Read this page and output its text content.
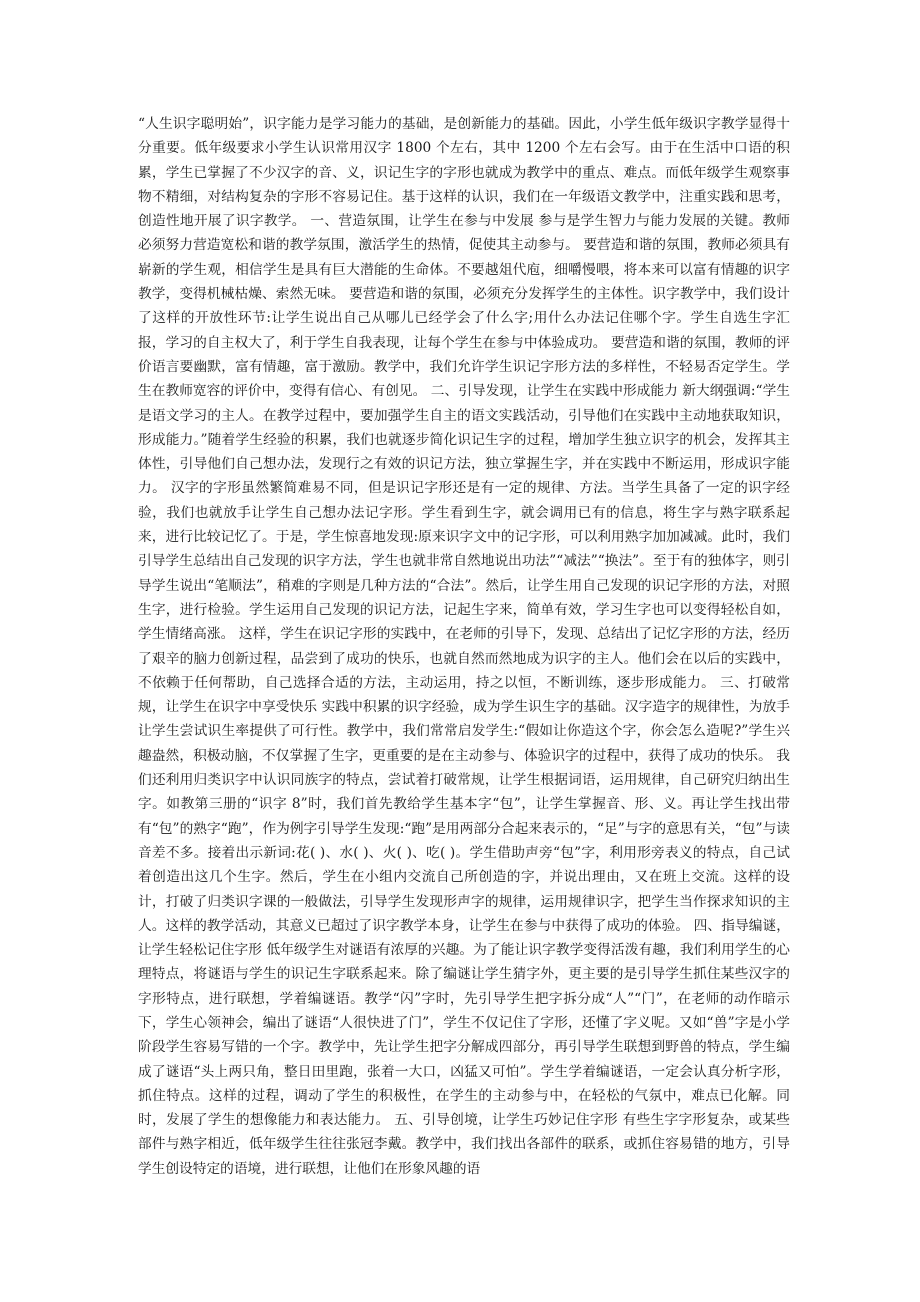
“人生识字聪明始”，识字能力是学习能力的基础，是创新能力的基础。因此，小学生低年级识字教学显得十分重要。低年级要求小学生认识常用汉字 1800 个左右，其中 1200 个左右会写。由于在生活中口语的积累，学生已掌握了不少汉字的音、义，识记生字的字形也就成为教学中的重点、难点。而低年级学生观察事物不精细，对结构复杂的字形不容易记住。基于这样的认识，我们在一年级语文教学中，注重实践和思考，创造性地开展了识字教学。 一、营造氛围，让学生在参与中发展 参与是学生智力与能力发展的关键。教师必须努力营造宽松和谐的教学氛围，激活学生的热情，促使其主动参与。 要营造和谐的氛围，教师必须具有崭新的学生观，相信学生是具有巨大潜能的生命体。不要越俎代庖，细嚼慢喂，将本来可以富有情趣的识字教学，变得机械枯燥、索然无味。 要营造和谐的氛围，必须充分发挥学生的主体性。识字教学中，我们设计了这样的开放性环节:让学生说出自己从哪儿已经学会了什么字;用什么办法记住哪个字。学生自选生字汇报，学习的自主权大了，利于学生自我表现，让每个学生在参与中体验成功。 要营造和谐的氛围，教师的评价语言要幽默，富有情趣，富于激励。教学中，我们允许学生识记字形方法的多样性，不轻易否定学生。学生在教师宽容的评价中，变得有信心、有创见。 二、引导发现，让学生在实践中形成能力 新大纲强调:“学生是语文学习的主人。在教学过程中，要加强学生自主的语文实践活动，引导他们在实践中主动地获取知识，形成能力。”随着学生经验的积累，我们也就逐步简化识记生字的过程，增加学生独立识字的机会，发挥其主体性，引导他们自己想办法，发现行之有效的识记方法，独立掌握生字，并在实践中不断运用，形成识字能力。 汉字的字形虽然繁简难易不同，但是识记字形还是有一定的规律、方法。当学生具备了一定的识字经验，我们也就放手让学生自己想办法记字形。学生看到生字，就会调用已有的信息，将生字与熟字联系起来，进行比较记忆了。于是，学生惊喜地发现:原来识字文中的记字形，可以利用熟字加加减减。此时，我们引导学生总结出自己发现的识字方法，学生也就非常自然地说出功法”“减法”“换法”。至于有的独体字，则引导学生说出“笔顺法”，稍难的字则是几种方法的“合法”。然后，让学生用自己发现的识记字形的方法，对照生字，进行检验。学生运用自己发现的识记方法，记起生字来，简单有效，学习生字也可以变得轻松自如，学生情绪高涨。 这样，学生在识记字形的实践中，在老师的引导下，发现、总结出了记忆字形的方法，经历了艰辛的脑力创新过程，品尝到了成功的快乐，也就自然而然地成为识字的主人。他们会在以后的实践中，不依赖于任何帮助，自己选择合适的方法，主动运用，持之以恒，不断训练，逐步形成能力。 三、打破常规，让学生在识字中享受快乐 实践中积累的识字经验，成为学生识生字的基础。汉字造字的规律性，为放手让学生尝试识生率提供了可行性。教学中，我们常常启发学生:“假如让你造这个字，你会怎么造呢?”学生兴趣盎然，积极动脑，不仅掌握了生字，更重要的是在主动参与、体验识字的过程中，获得了成功的快乐。 我们还利用归类识字中认识同族字的特点，尝试着打破常规，让学生根据词语，运用规律，自己研究归纳出生字。如教第三册的“识字 8”时，我们首先教给学生基本字“包”，让学生掌握音、形、义。再让学生找出带有“包”的熟字“跑”，作为例字引导学生发现:“跑”是用两部分合起来表示的，“足”与字的意思有关，“包”与读音差不多。接着出示新词:花( )、水( )、火( )、吃( )。学生借助声旁“包”字，利用形旁表义的特点，自己试着创造出这几个生字。然后，学生在小组内交流自己所创造的字，并说出理由，又在班上交流。这样的设计，打破了归类识字课的一般做法，引导学生发现形声字的规律，运用规律识字，把学生当作探求知识的主人。这样的教学活动，其意义已超过了识字教学本身，让学生在参与中获得了成功的体验。 四、指导编谜，让学生轻松记住字形 低年级学生对谜语有浓厚的兴趣。为了能让识字教学变得活泼有趣，我们利用学生的心理特点，将谜语与学生的识记生字联系起来。除了编谜让学生猜字外，更主要的是引导学生抓住某些汉字的字形特点，进行联想，学着编谜语。教学“闪”字时，先引导学生把字拆分成“人”“门”，在老师的动作暗示下，学生心领神会，编出了谜语“人很快进了门”，学生不仅记住了字形，还懂了字义呢。又如“兽”字是小学阶段学生容易写错的一个字。教学中，先让学生把字分解成四部分，再引导学生联想到野兽的特点，学生编成了谜语“头上两只角，整日田里跑，张着一大口，凶猛又可怕”。学生学着编谜语，一定会认真分析字形，抓住特点。这样的过程，调动了学生的积极性，在学生的主动参与中，在轻松的气氛中，难点已化解。同时，发展了学生的想像能力和表达能力。 五、引导创境，让学生巧妙记住字形 有些生字字形复杂，或某些部件与熟字相近，低年级学生往往张冠李戴。教学中，我们找出各部件的联系，或抓住容易错的地方，引导学生创设特定的语境，进行联想，让他们在形象风趣的语
